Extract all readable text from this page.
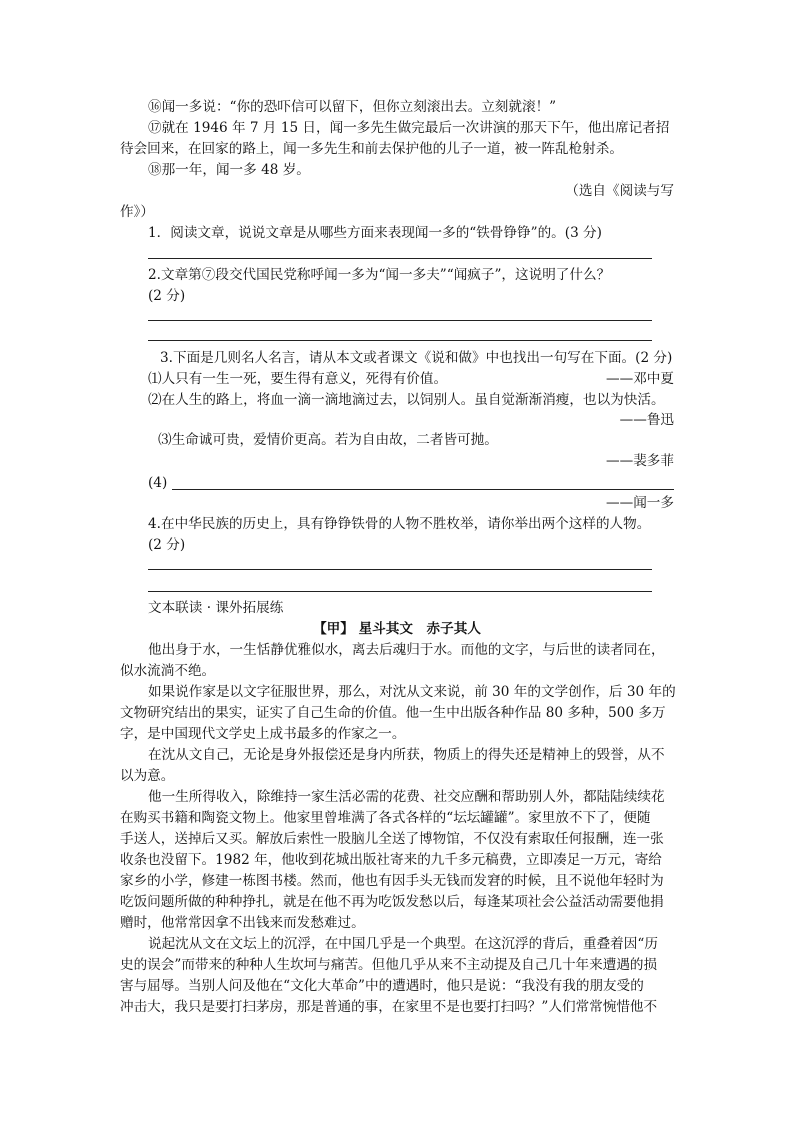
⑯闻一多说：“你的恐吓信可以留下，但你立刻滚出去。立刻就滚！”
⑰就在 1946 年 7 月 15 日，闻一多先生做完最后一次讲演的那天下午，他出席记者招
待会回来，在回家的路上，闻一多先生和前去保护他的儿子一道，被一阵乱枪射杀。
⑱那一年，闻一多 48 岁。
（选自《阅读与写
作》）
1．阅读文章，说说文章是从哪些方面来表现闻一多的“铁骨铮铮”的。(3 分)
2.文章第⑦段交代国民党称呼闻一多为“闻一多夫”“闻疯子”，这说明了什么？
(2 分)
3.下面是几则名人名言，请从本文或者课文《说和做》中也找出一句写在下面。(2 分)
⑴人只有一生一死，要生得有意义，死得有价值。	——邓中夏
⑵在人生的路上，将血一滴一滴地滴过去，以饲别人。虽自觉渐渐消瘦，也以为快活。
——鲁迅
⑶生命诚可贵，爱情价更高。若为自由故，二者皆可抛。
——裴多菲
(4)
——闻一多
4.在中华民族的历史上，具有铮铮铁骨的人物不胜枚举，请你举出两个这样的人物。
(2 分)
文本联读 · 课外拓展练
【甲】 星斗其文　赤子其人
他出身于水，一生恬静优雅似水，离去后魂归于水。而他的文字，与后世的读者同在，
似水流淌不绝。
如果说作家是以文字征服世界，那么，对沈从文来说，前 30 年的文学创作，后 30 年的
文物研究结出的果实，证实了自己生命的价值。他一生中出版各种作品 80 多种，500 多万
字，是中国现代文学史上成书最多的作家之一。
在沈从文自己，无论是身外报偿还是身内所获，物质上的得失还是精神上的毁誉，从不
以为意。
他一生所得收入，除维持一家生活必需的花费、社交应酬和帮助别人外，都陆陆续续花
在购买书籍和陶瓷文物上。他家里曾堆满了各式各样的“坛坛罐罐”。家里放不下了，便随
手送人，送掉后又买。解放后索性一股脑儿全送了博物馆，不仅没有索取任何报酬，连一张
收条也没留下。1982 年，他收到花城出版社寄来的九千多元稿费，立即凑足一万元，寄给
家乡的小学，修建一栋图书楼。然而，他也有因手头无钱而发窘的时候，且不说他年轻时为
吃饭问题所做的种种挣扎，就是在他不再为吃饭发愁以后，每逢某项社会公益活动需要他捐
赠时，他常常因拿不出钱来而发愁难过。
说起沈从文在文坛上的沉浮，在中国几乎是一个典型。在这沉浮的背后，重叠着因“历
史的误会”而带来的种种人生坎坷与痛苦。但他几乎从来不主动提及自己几十年来遭遇的损
害与屈辱。当别人问及他在“文化大革命”中的遭遇时，他只是说：“我没有我的朋友受的
冲击大，我只是要打扫茅房，那是普通的事，在家里不是也要打扫吗？”人们常常惋惜他不
